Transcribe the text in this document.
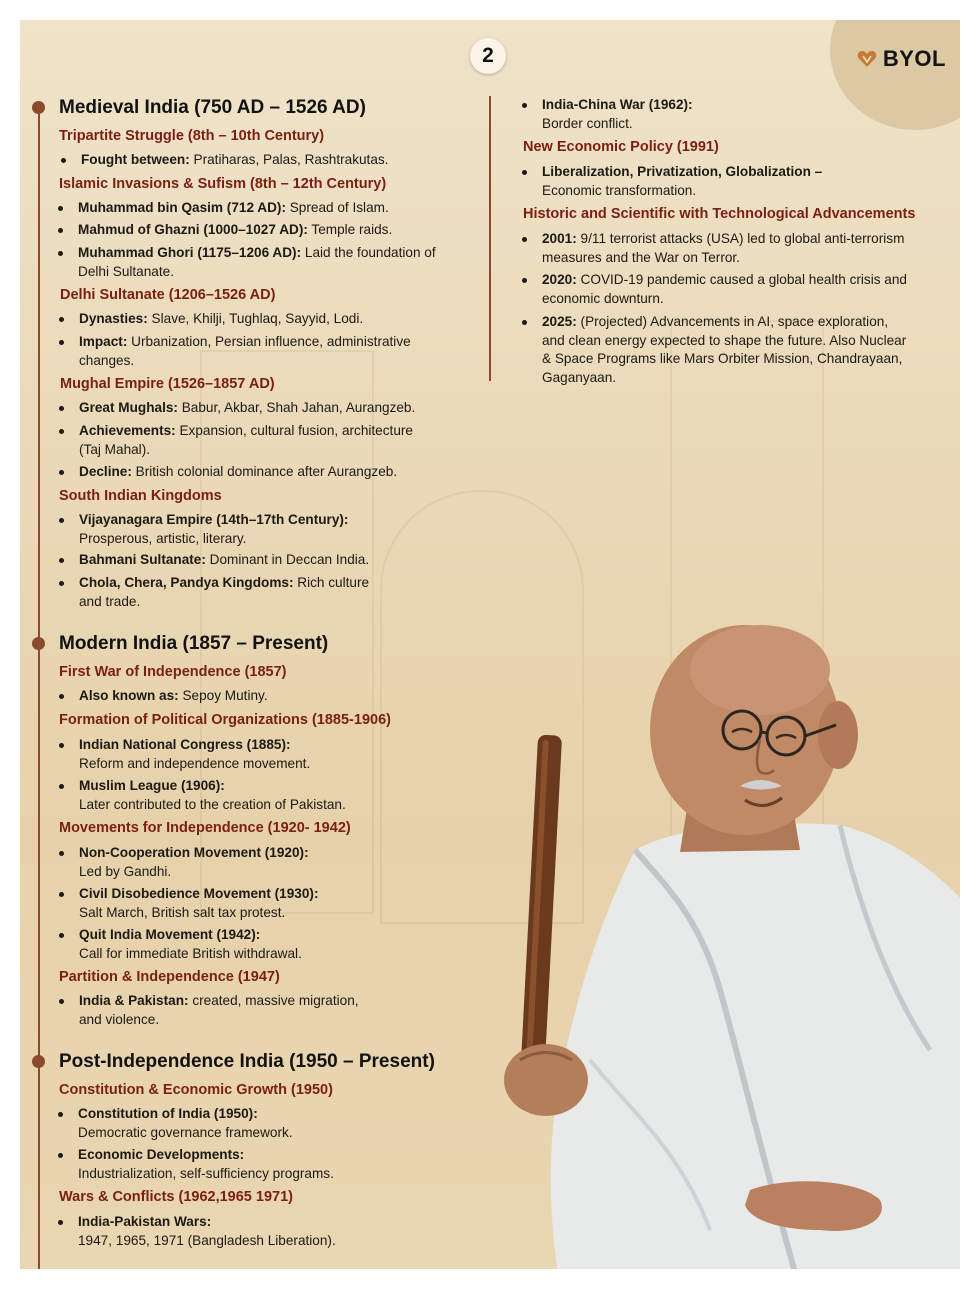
2	BYOL
Medieval India (750 AD – 1526 AD)
Tripartite Struggle (8th – 10th Century)
Fought between: Pratiharas, Palas, Rashtrakutas.
Islamic Invasions & Sufism (8th – 12th Century)
Muhammad bin Qasim (712 AD): Spread of Islam.
Mahmud of Ghazni (1000–1027 AD): Temple raids.
Muhammad Ghori (1175–1206 AD): Laid the foundation of
Delhi Sultanate.
Delhi Sultanate (1206–1526 AD)
Dynasties: Slave, Khilji, Tughlaq, Sayyid, Lodi.
Impact: Urbanization, Persian influence, administrative
changes.
Mughal Empire (1526–1857 AD)
Great Mughals: Babur, Akbar, Shah Jahan, Aurangzeb.
Achievements: Expansion, cultural fusion, architecture
(Taj Mahal).
Decline: British colonial dominance after Aurangzeb.
South Indian Kingdoms
Vijayanagara Empire (14th–17th Century):
Prosperous, artistic, literary.
Bahmani Sultanate: Dominant in Deccan India.
Chola, Chera, Pandya Kingdoms: Rich culture
and trade.
Modern India (1857 – Present)
First War of Independence (1857)
Also known as: Sepoy Mutiny.
Formation of Political Organizations (1885-1906)
Indian National Congress (1885):
Reform and independence movement.
Muslim League (1906):
Later contributed to the creation of Pakistan.
Movements for Independence (1920- 1942)
Non-Cooperation Movement (1920):
Led by Gandhi.
Civil Disobedience Movement (1930):
Salt March, British salt tax protest.
Quit India Movement (1942):
Call for immediate British withdrawal.
Partition & Independence (1947)
India & Pakistan: created, massive migration,
and violence.
Post-Independence India (1950 – Present)
Constitution & Economic Growth (1950)
Constitution of India (1950):
Democratic governance framework.
Economic Developments:
Industrialization, self-sufficiency programs.
Wars & Conflicts (1962,1965 1971)
India-Pakistan Wars:
1947, 1965, 1971 (Bangladesh Liberation).
India-China War (1962):
Border conflict.
New Economic Policy (1991)
Liberalization, Privatization, Globalization –
Economic transformation.
Historic and Scientific with Technological Advancements
2001: 9/11 terrorist attacks (USA) led to global anti-terrorism
measures and the War on Terror.
2020: COVID-19 pandemic caused a global health crisis and
economic downturn.
2025: (Projected) Advancements in AI, space exploration,
and clean energy expected to shape the future. Also Nuclear
& Space Programs like Mars Orbiter Mission, Chandrayaan,
Gaganyaan.
